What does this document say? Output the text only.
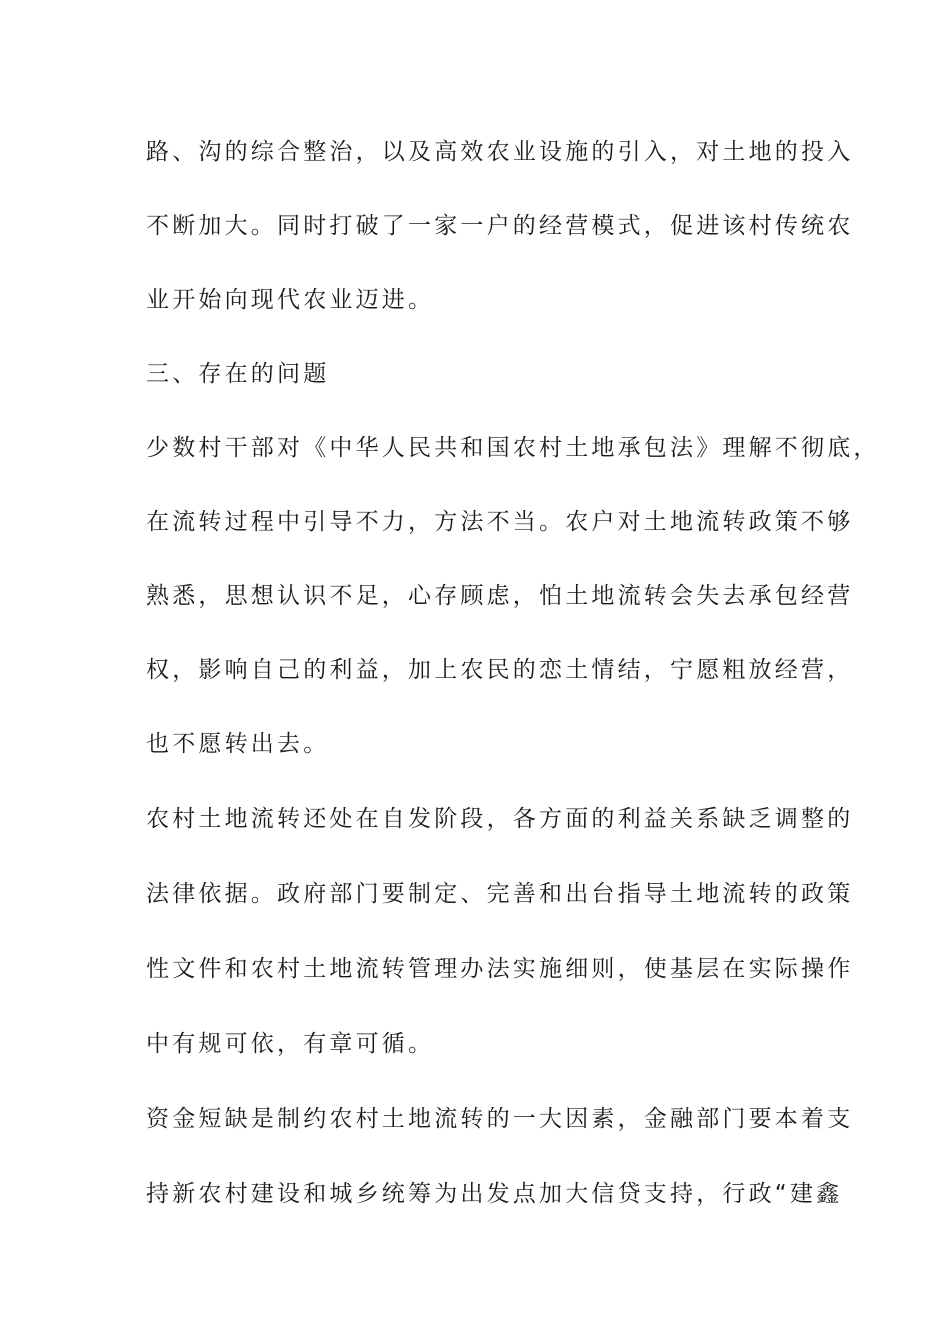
路、沟的综合整治，以及高效农业设施的引入，对土地的投入
不断加大。同时打破了一家一户的经营模式，促进该村传统农
业开始向现代农业迈进。
三、存在的问题
少数村干部对《中华人民共和国农村土地承包法》理解不彻底，
在流转过程中引导不力，方法不当。农户对土地流转政策不够
熟悉，思想认识不足，心存顾虑，怕土地流转会失去承包经营
权，影响自己的利益，加上农民的恋土情结，宁愿粗放经营，
也不愿转出去。
农村土地流转还处在自发阶段，各方面的利益关系缺乏调整的
法律依据。政府部门要制定、完善和出台指导土地流转的政策
性文件和农村土地流转管理办法实施细则，使基层在实际操作
中有规可依，有章可循。
资金短缺是制约农村土地流转的一大因素，金融部门要本着支
持新农村建设和城乡统筹为出发点加大信贷支持，行政“建鑫
